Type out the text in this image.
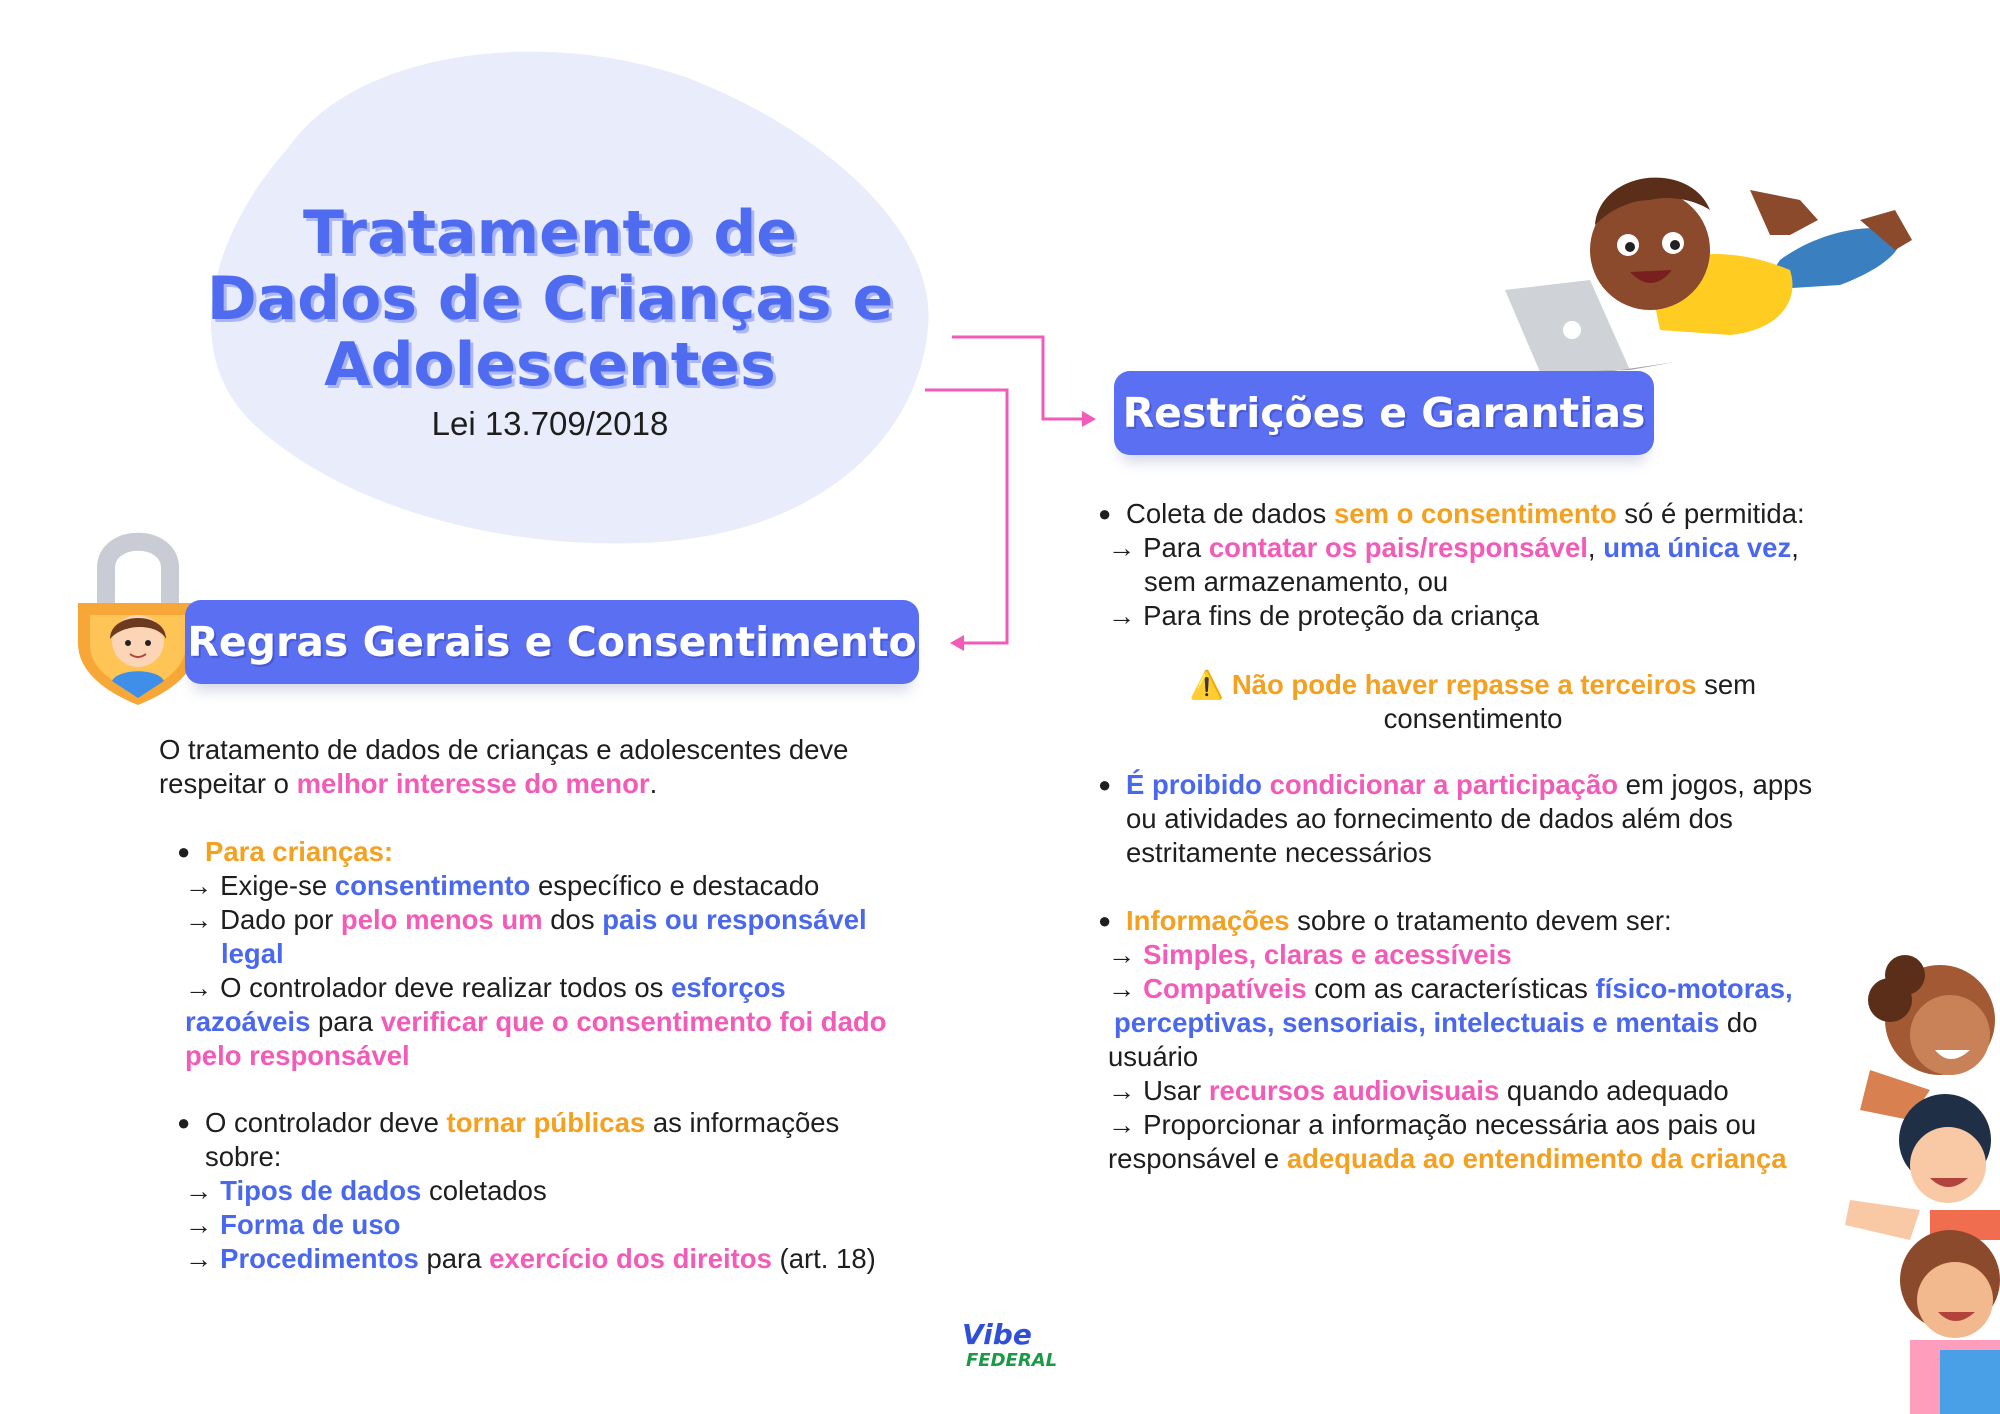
Tratamento de
Dados de Crianças e
Adolescentes
Lei 13.709/2018
Regras Gerais e Consentimento
Restrições e Garantias
O tratamento de dados de crianças e adolescentes deve
respeitar o melhor interesse do menor.
● Para crianças:
→ Exige-se consentimento específico e destacado
→ Dado por pelo menos um dos pais ou responsável
legal
→ O controlador deve realizar todos os esforços
razoáveis para verificar que o consentimento foi dado
pelo responsável
● O controlador deve tornar públicas as informações
sobre:
→ Tipos de dados coletados
→ Forma de uso
→ Procedimentos para exercício dos direitos (art. 18)
● Coleta de dados sem o consentimento só é permitida:
→ Para contatar os pais/responsável, uma única vez,
sem armazenamento, ou
→ Para fins de proteção da criança
⚠️ Não pode haver repasse a terceiros sem
consentimento
● É proibido condicionar a participação em jogos, apps
ou atividades ao fornecimento de dados além dos
estritamente necessários
● Informações sobre o tratamento devem ser:
→ Simples, claras e acessíveis
→ Compatíveis com as características físico-motoras,
perceptivas, sensoriais, intelectuais e mentais do
usuário
→ Usar recursos audiovisuais quando adequado
→ Proporcionar a informação necessária aos pais ou
responsável e adequada ao entendimento da criança
Vibe
FEDERAL
